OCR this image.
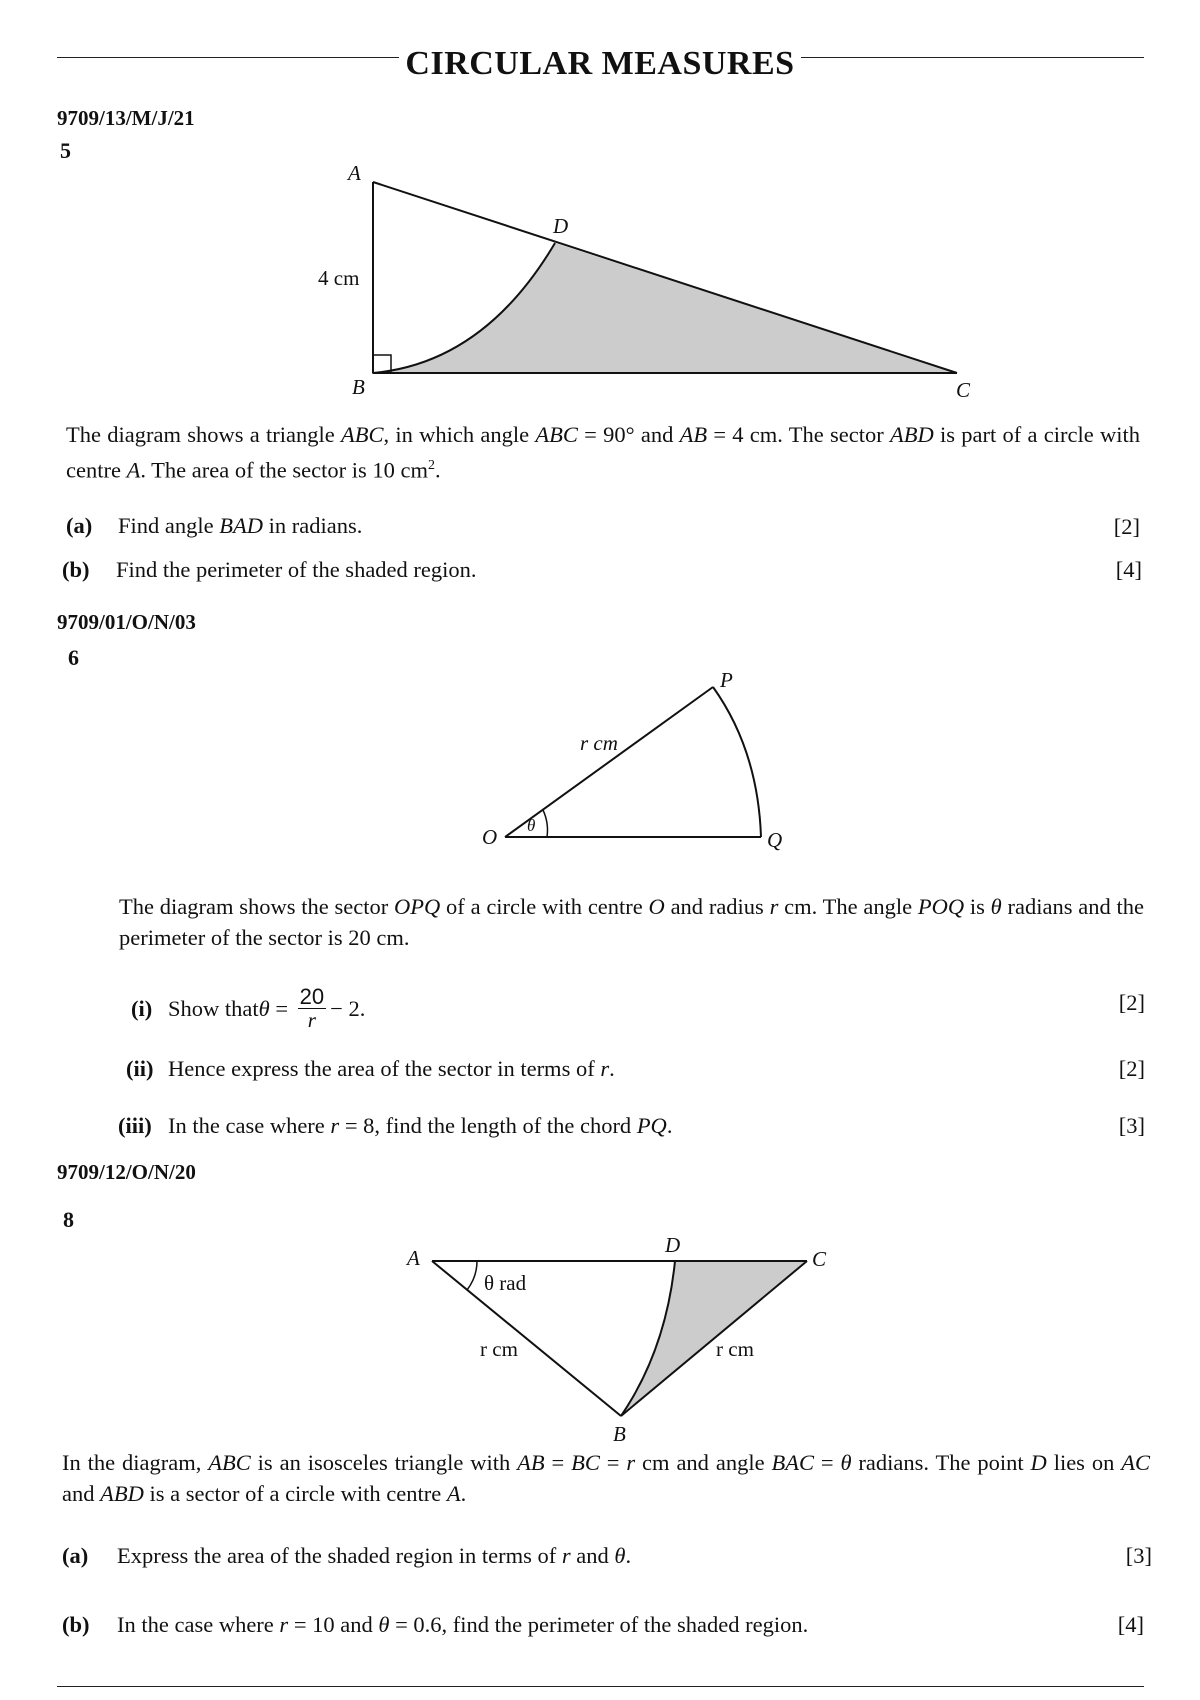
CIRCULAR MEASURES
9709/13/M/J/21
5
A
D
B	C
4 cm
The diagram shows a triangle ABC, in which angle ABC = 90° and AB = 4 cm. The sector ABD is part of a circle with centre A. The area of the sector is 10 $cm^2$.
(a)	Find angle BAD in radians.	[2]
(b)	Find the perimeter of the shaded region.	[4]
9709/01/O/N/03
6
O
P
Q
r cm
θ
The diagram shows the sector OPQ of a circle with centre O and radius r cm. The angle POQ is θ radians and the perimeter of the sector is 20 cm.
(i) Show that $\theta = \frac{20}{r} - 2$.	[2]
(ii) Hence express the area of the sector in terms of r.	[2]
(iii) In the case where r = 8, find the length of the chord PQ.	[3]
9709/12/O/N/20
8
A
D
C
B
θ rad
r cm	r cm
In the diagram, ABC is an isosceles triangle with AB = BC = r cm and angle BAC = θ radians. The point D lies on AC and ABD is a sector of a circle with centre A.
(a)	Express the area of the shaded region in terms of r and θ.	[3]
(b)	In the case where r = 10 and θ = 0.6, find the perimeter of the shaded region.	[4]
